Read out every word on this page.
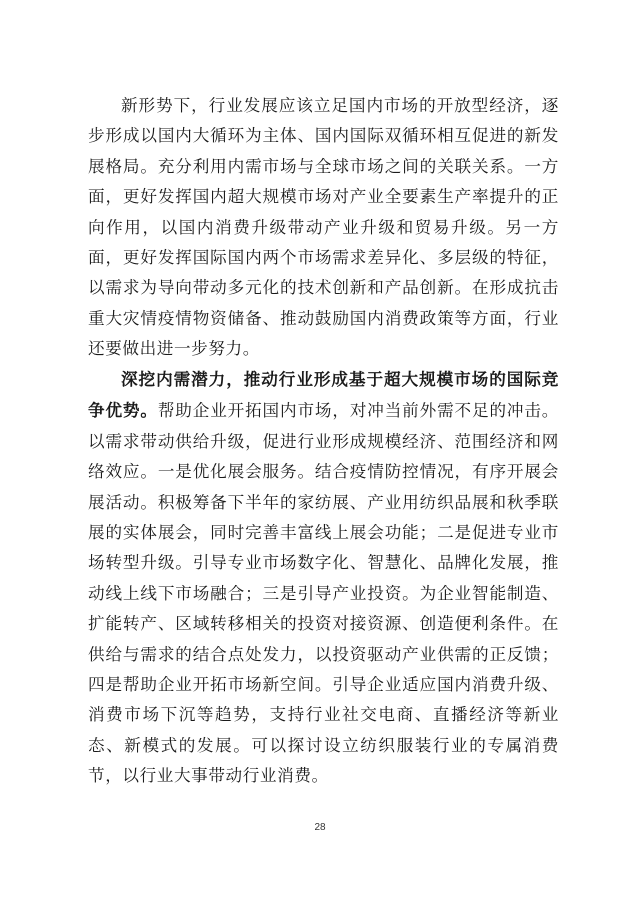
新形势下，行业发展应该立足国内市场的开放型经济，逐步形成以国内大循环为主体、国内国际双循环相互促进的新发展格局。充分利用内需市场与全球市场之间的关联关系。一方面，更好发挥国内超大规模市场对产业全要素生产率提升的正向作用，以国内消费升级带动产业升级和贸易升级。另一方面，更好发挥国际国内两个市场需求差异化、多层级的特征，以需求为导向带动多元化的技术创新和产品创新。在形成抗击重大灾情疫情物资储备、推动鼓励国内消费政策等方面，行业还要做出进一步努力。

深挖内需潜力，推动行业形成基于超大规模市场的国际竞争优势。帮助企业开拓国内市场，对冲当前外需不足的冲击。以需求带动供给升级，促进行业形成规模经济、范围经济和网络效应。一是优化展会服务。结合疫情防控情况，有序开展会展活动。积极筹备下半年的家纺展、产业用纺织品展和秋季联展的实体展会，同时完善丰富线上展会功能；二是促进专业市场转型升级。引导专业市场数字化、智慧化、品牌化发展，推动线上线下市场融合；三是引导产业投资。为企业智能制造、扩能转产、区域转移相关的投资对接资源、创造便利条件。在供给与需求的结合点处发力，以投资驱动产业供需的正反馈；四是帮助企业开拓市场新空间。引导企业适应国内消费升级、消费市场下沉等趋势，支持行业社交电商、直播经济等新业态、新模式的发展。可以探讨设立纺织服装行业的专属消费节，以行业大事带动行业消费。

28
